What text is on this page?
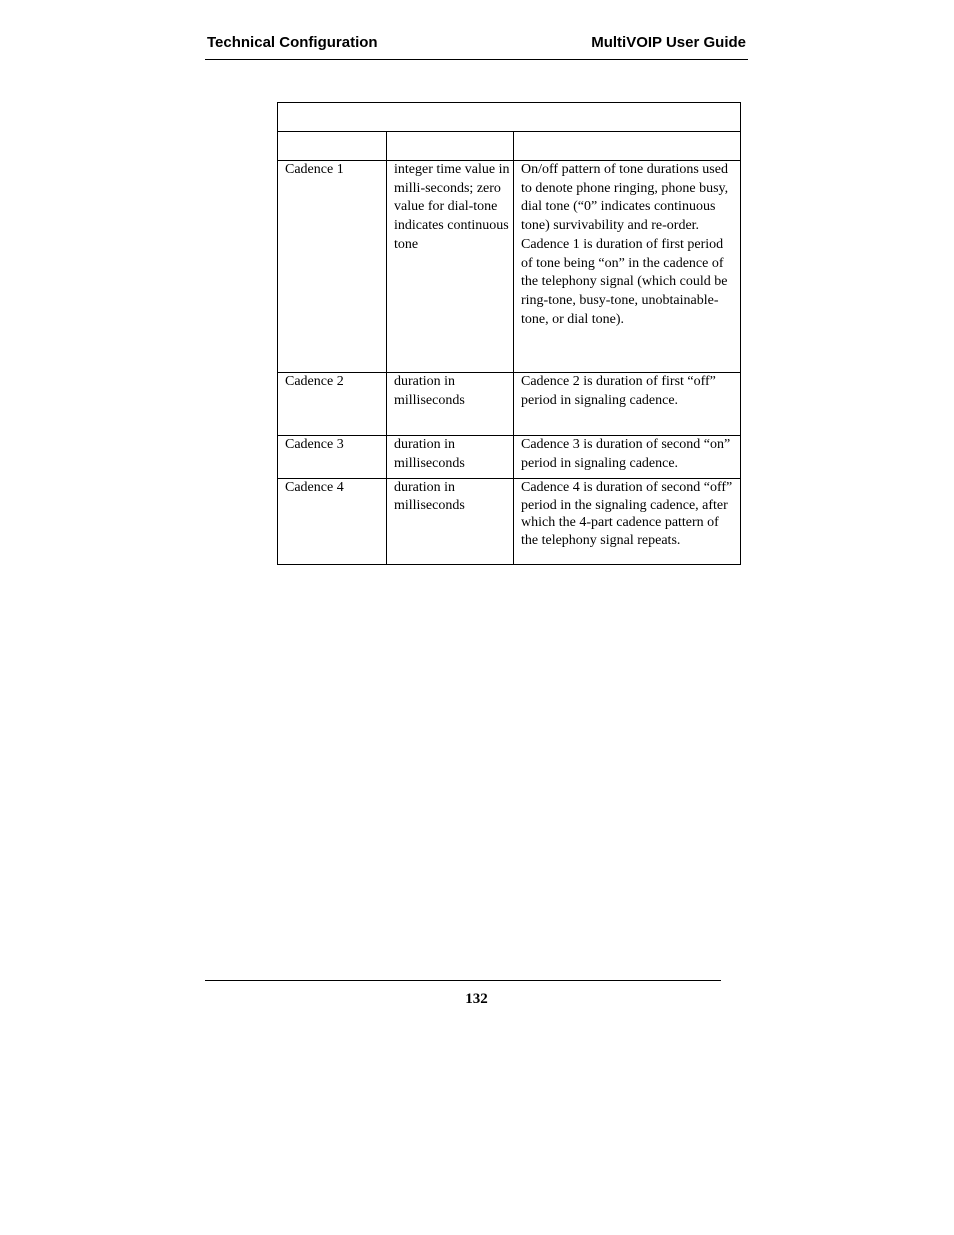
Technical Configuration	MultiVOIP User Guide

Cadence 1	integer time value in milli-seconds; zero value for dial-tone indicates continuous tone	On/off pattern of tone durations used to denote phone ringing, phone busy, dial tone (“0” indicates continuous tone) survivability and re-order. Cadence 1 is duration of first period of tone being “on” in the cadence of the telephony signal (which could be ring-tone, busy-tone, unobtainable-tone, or dial tone).
Cadence 2	duration in milliseconds	Cadence 2 is duration of first “off” period in signaling cadence.
Cadence 3	duration in milliseconds	Cadence 3 is duration of second “on” period in signaling cadence.
Cadence 4	duration in milliseconds	Cadence 4 is duration of second “off” period in the signaling cadence, after which the 4-part cadence pattern of the telephony signal repeats.
132
